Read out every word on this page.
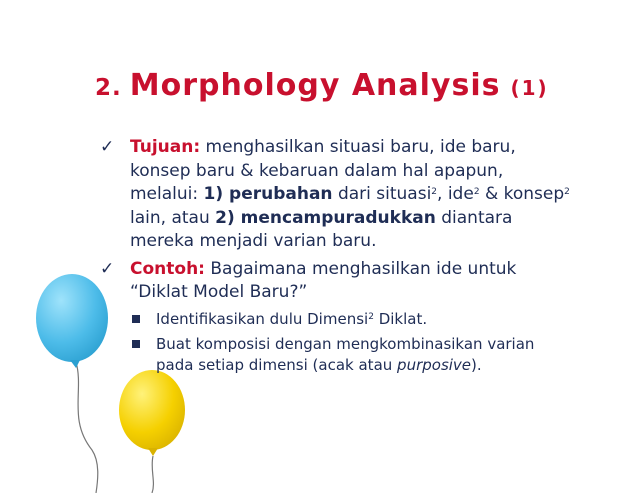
2. Morphology Analysis (1)
✓ Tujuan: menghasilkan situasi baru, ide baru, konsep baru & kebaruan dalam hal apapun, melalui: 1) perubahan dari situasi$^2$, ide$^2$ & konsep$^2$ lain, atau 2) mencampuradukkan diantara mereka menjadi varian baru.
✓ Contoh: Bagaimana menghasilkan ide untuk “Diklat Model Baru?”
Identifikasikan dulu Dimensi$^2$ Diklat.
Buat komposisi dengan mengkombinasikan varian pada setiap dimensi (acak atau purposive).
